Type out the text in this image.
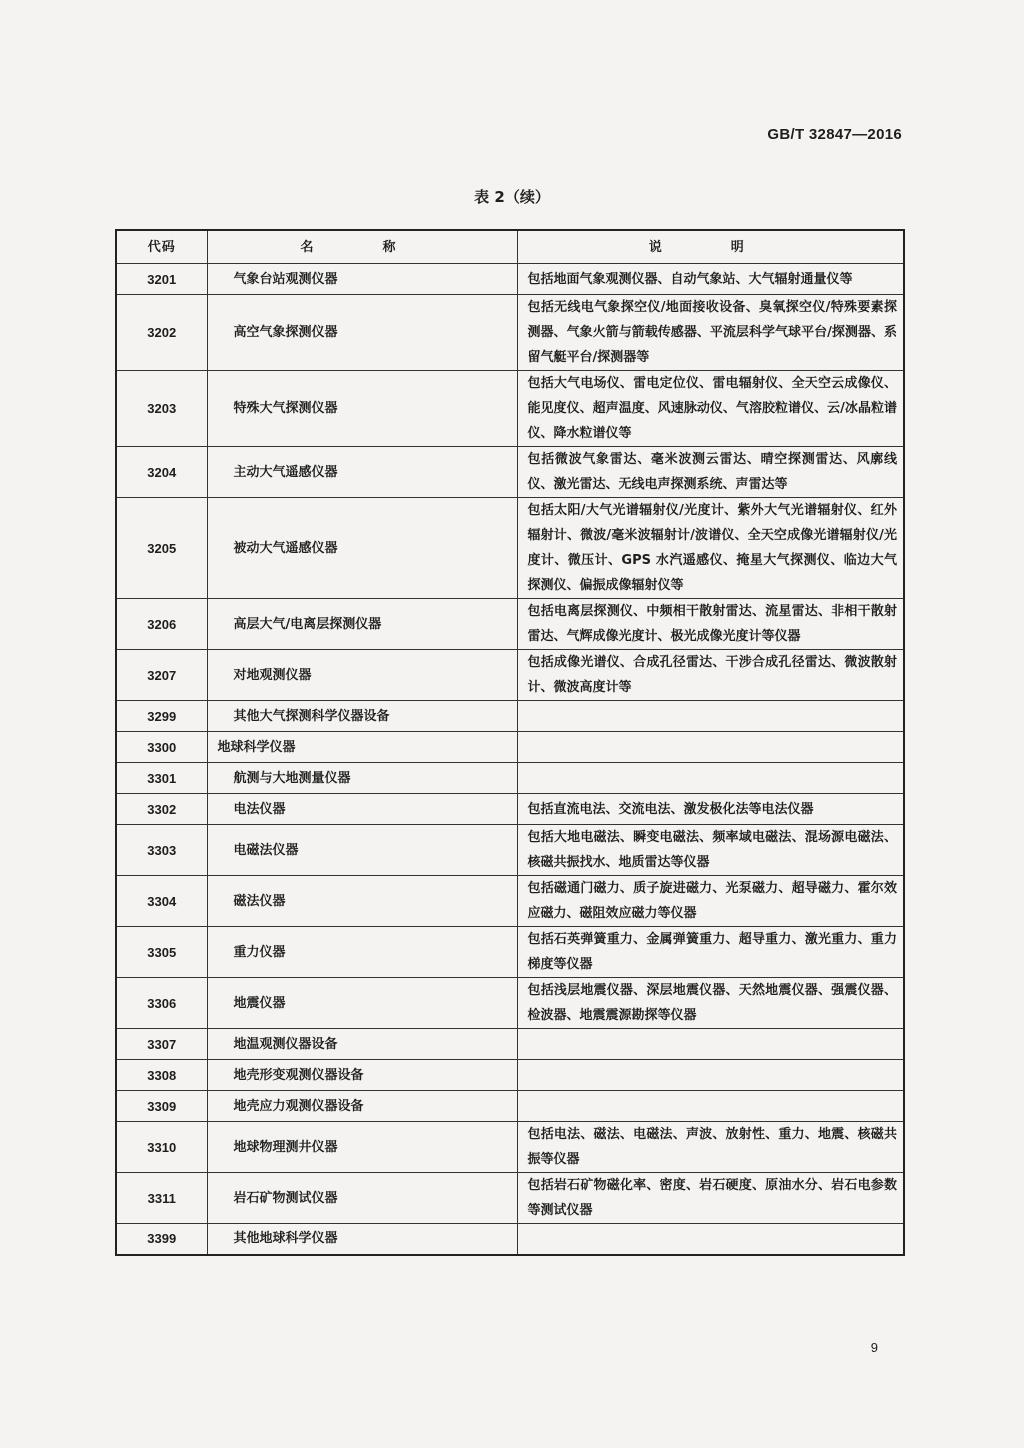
GB/T 32847—2016
表 2（续）
代码	名　称	说　明
3201	气象台站观测仪器	包括地面气象观测仪器、自动气象站、大气辐射通量仪等
3202	高空气象探测仪器	包括无线电气象探空仪/地面接收设备、臭氧探空仪/特殊要素探测器、气象火箭与箭载传感器、平流层科学气球平台/探测器、系留气艇平台/探测器等
3203	特殊大气探测仪器	包括大气电场仪、雷电定位仪、雷电辐射仪、全天空云成像仪、能见度仪、超声温度、风速脉动仪、气溶胶粒谱仪、云/冰晶粒谱仪、降水粒谱仪等
3204	主动大气遥感仪器	包括微波气象雷达、毫米波测云雷达、晴空探测雷达、风廓线仪、激光雷达、无线电声探测系统、声雷达等
3205	被动大气遥感仪器	包括太阳/大气光谱辐射仪/光度计、紫外大气光谱辐射仪、红外辐射计、微波/毫米波辐射计/波谱仪、全天空成像光谱辐射仪/光度计、微压计、GPS 水汽遥感仪、掩星大气探测仪、临边大气探测仪、偏振成像辐射仪等
3206	高层大气/电离层探测仪器	包括电离层探测仪、中频相干散射雷达、流星雷达、非相干散射雷达、气辉成像光度计、极光成像光度计等仪器
3207	对地观测仪器	包括成像光谱仪、合成孔径雷达、干涉合成孔径雷达、微波散射计、微波高度计等
3299	其他大气探测科学仪器设备	
3300	地球科学仪器	
3301	航测与大地测量仪器	
3302	电法仪器	包括直流电法、交流电法、激发极化法等电法仪器
3303	电磁法仪器	包括大地电磁法、瞬变电磁法、频率域电磁法、混场源电磁法、核磁共振找水、地质雷达等仪器
3304	磁法仪器	包括磁通门磁力、质子旋进磁力、光泵磁力、超导磁力、霍尔效应磁力、磁阻效应磁力等仪器
3305	重力仪器	包括石英弹簧重力、金属弹簧重力、超导重力、激光重力、重力梯度等仪器
3306	地震仪器	包括浅层地震仪器、深层地震仪器、天然地震仪器、强震仪器、检波器、地震震源勘探等仪器
3307	地温观测仪器设备	
3308	地壳形变观测仪器设备	
3309	地壳应力观测仪器设备	
3310	地球物理测井仪器	包括电法、磁法、电磁法、声波、放射性、重力、地震、核磁共振等仪器
3311	岩石矿物测试仪器	包括岩石矿物磁化率、密度、岩石硬度、原油水分、岩石电参数等测试仪器
3399	其他地球科学仪器	
9
